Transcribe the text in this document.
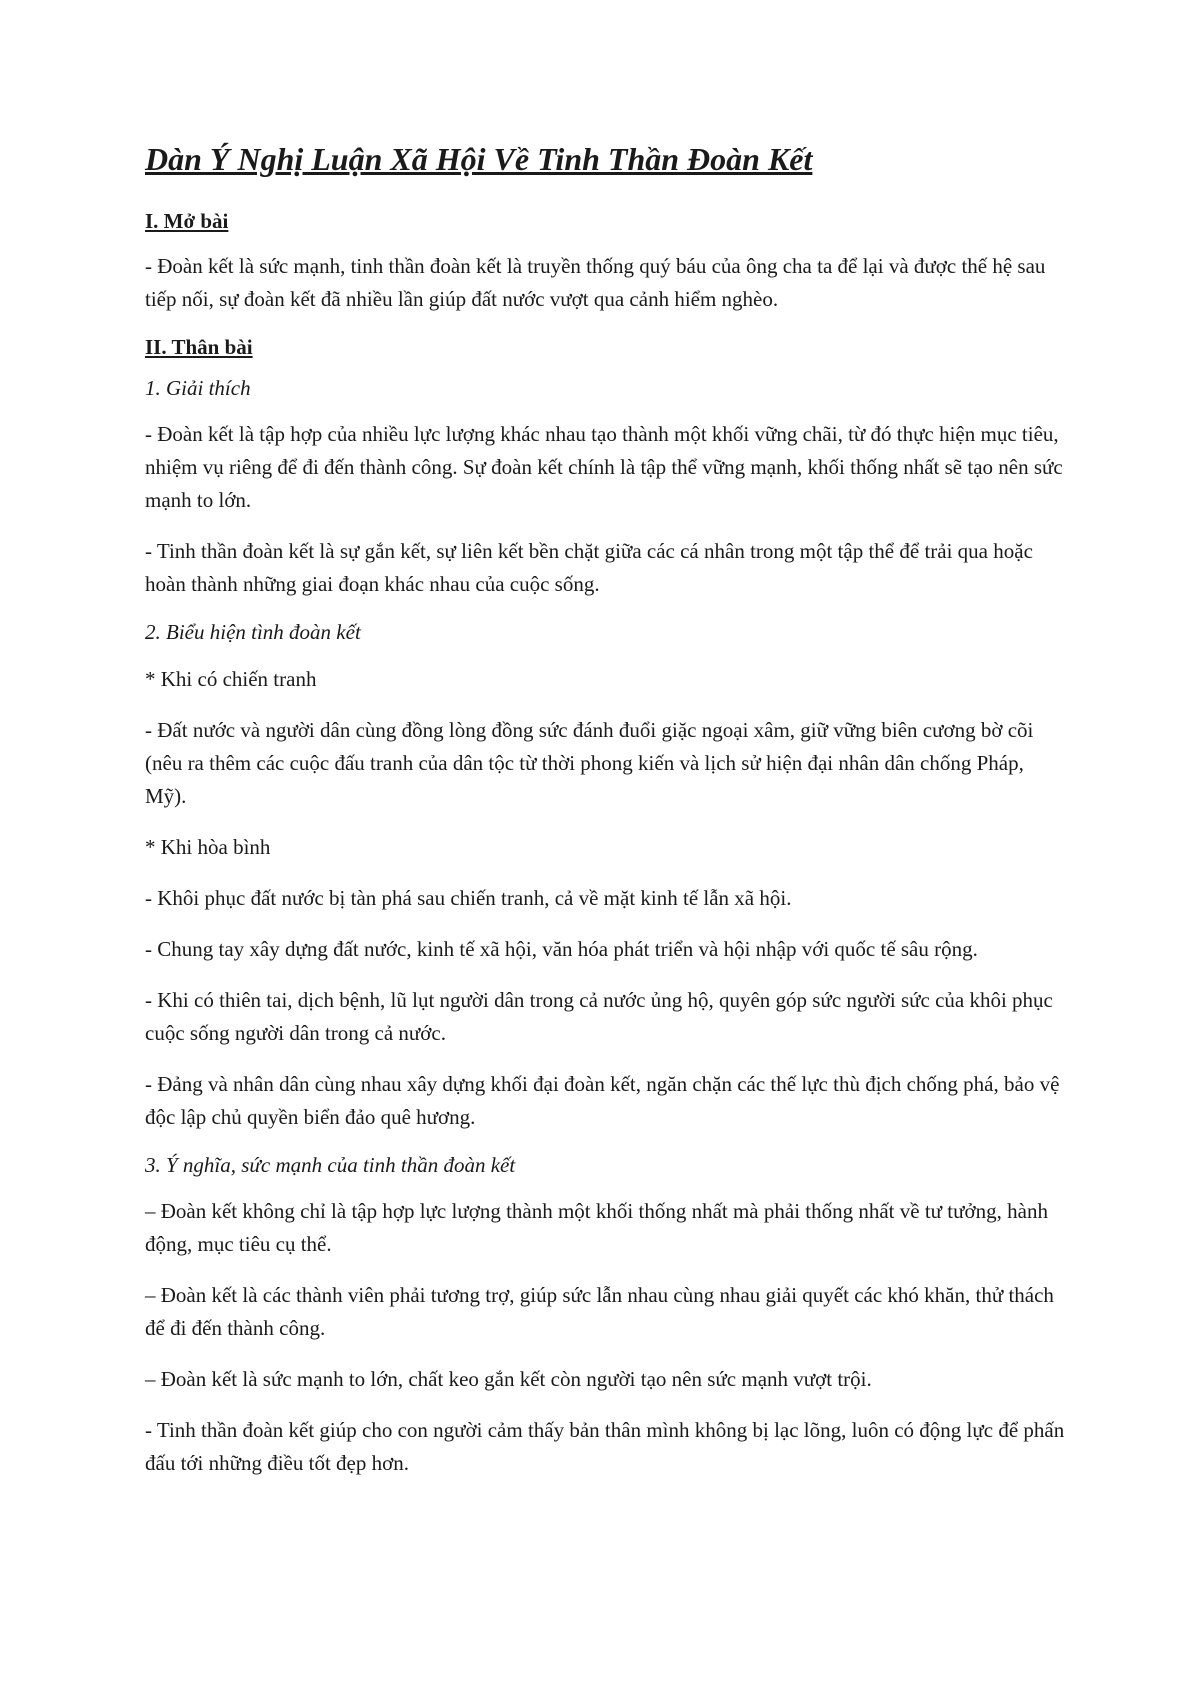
Dàn Ý Nghị Luận Xã Hội Về Tinh Thần Đoàn Kết
I. Mở bài

- Đoàn kết là sức mạnh, tinh thần đoàn kết là truyền thống quý báu của ông cha ta để lại và được thế hệ sau tiếp nối, sự đoàn kết đã nhiều lần giúp đất nước vượt qua cảnh hiểm nghèo.

II. Thân bài
1. Giải thích

- Đoàn kết là tập hợp của nhiều lực lượng khác nhau tạo thành một khối vững chãi, từ đó thực hiện mục tiêu, nhiệm vụ riêng để đi đến thành công. Sự đoàn kết chính là tập thể vững mạnh, khối thống nhất sẽ tạo nên sức mạnh to lớn.

- Tinh thần đoàn kết là sự gắn kết, sự liên kết bền chặt giữa các cá nhân trong một tập thể để trải qua hoặc hoàn thành những giai đoạn khác nhau của cuộc sống.

2. Biểu hiện tình đoàn kết

* Khi có chiến tranh

- Đất nước và người dân cùng đồng lòng đồng sức đánh đuổi giặc ngoại xâm, giữ vững biên cương bờ cõi (nêu ra thêm các cuộc đấu tranh của dân tộc từ thời phong kiến và lịch sử hiện đại nhân dân chống Pháp, Mỹ).

* Khi hòa bình

- Khôi phục đất nước bị tàn phá sau chiến tranh, cả về mặt kinh tế lẫn xã hội.

- Chung tay xây dựng đất nước, kinh tế xã hội, văn hóa phát triển và hội nhập với quốc tế sâu rộng.

- Khi có thiên tai, dịch bệnh, lũ lụt người dân trong cả nước ủng hộ, quyên góp sức người sức của khôi phục cuộc sống người dân trong cả nước.

- Đảng và nhân dân cùng nhau xây dựng khối đại đoàn kết, ngăn chặn các thế lực thù địch chống phá, bảo vệ độc lập chủ quyền biển đảo quê hương.

3. Ý nghĩa, sức mạnh của tinh thần đoàn kết

– Đoàn kết không chỉ là tập hợp lực lượng thành một khối thống nhất mà phải thống nhất về tư tưởng, hành động, mục tiêu cụ thể.

– Đoàn kết là các thành viên phải tương trợ, giúp sức lẫn nhau cùng nhau giải quyết các khó khăn, thử thách để đi đến thành công.

– Đoàn kết là sức mạnh to lớn, chất keo gắn kết còn người tạo nên sức mạnh vượt trội.

- Tinh thần đoàn kết giúp cho con người cảm thấy bản thân mình không bị lạc lõng, luôn có động lực để phấn đấu tới những điều tốt đẹp hơn.
